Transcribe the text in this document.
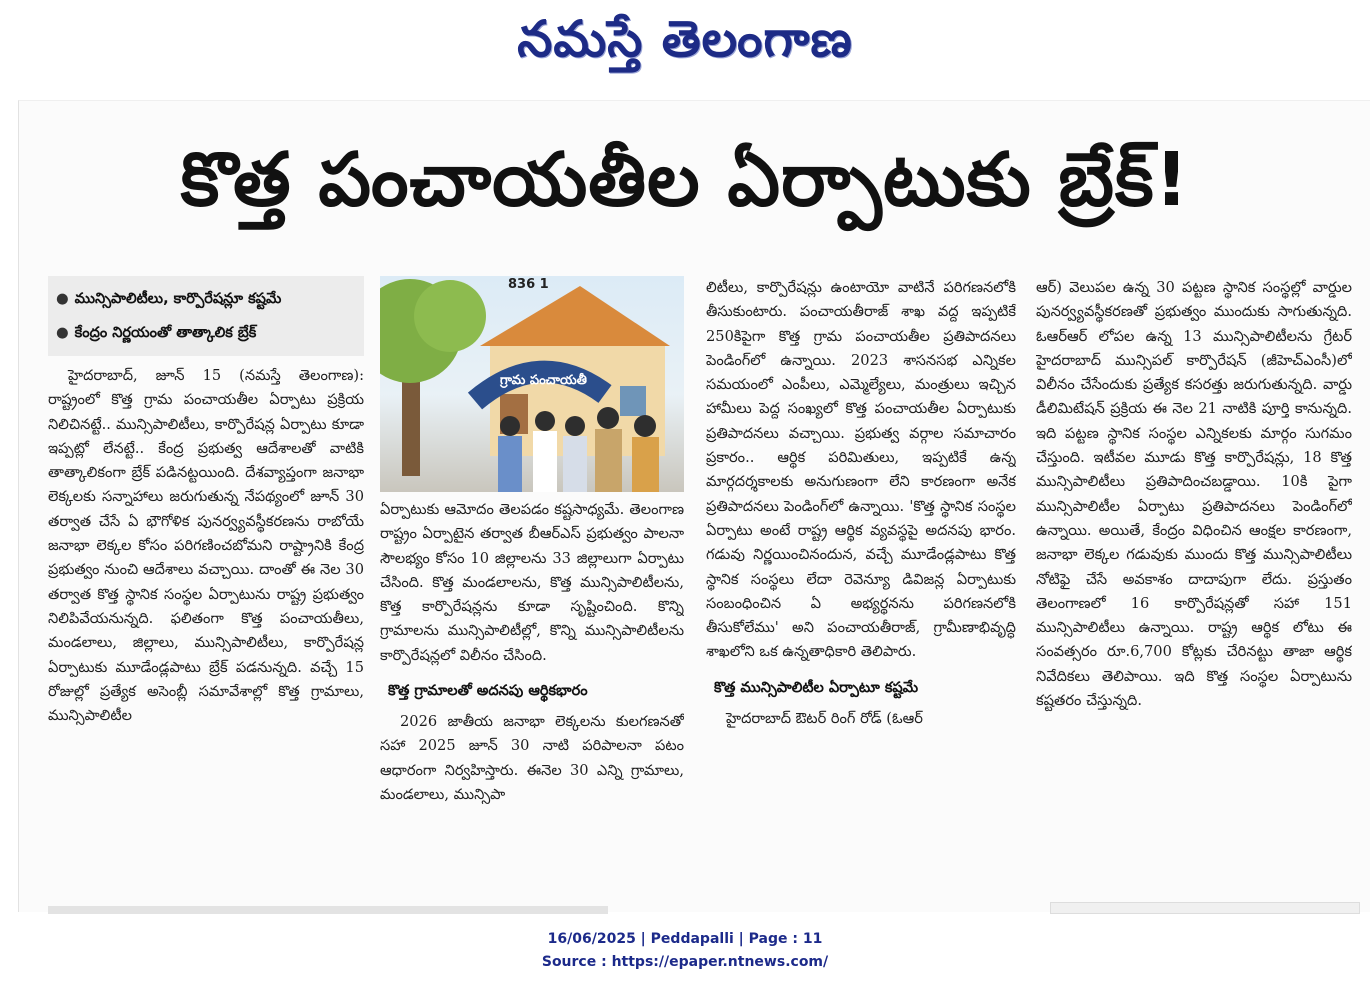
నమస్తే తెలంగాణ
కొత్త పంచాయతీల ఏర్పాటుకు బ్రేక్!
● మున్సిపాలిటీలు, కార్పొరేషన్లూ కష్టమే
● కేంద్రం నిర్ణయంతో తాత్కాలిక బ్రేక్

హైదరాబాద్, జూన్ 15 (నమస్తే తెలంగాణ): రాష్ట్రంలో కొత్త గ్రామ పంచాయతీల ఏర్పాటు ప్రక్రియ నిలిచినట్టే.. మున్సిపాలిటీలు, కార్పొరేషన్ల ఏర్పాటు కూడా ఇప్పట్లో లేనట్టే.. కేంద్ర ప్రభుత్వ ఆదేశాలతో వాటికి తాత్కాలికంగా బ్రేక్ పడినట్టయింది. దేశవ్యాప్తంగా జనాభా లెక్కలకు సన్నాహాలు జరుగుతున్న నేపథ్యంలో జూన్ 30 తర్వాత చేసే ఏ భౌగోళిక పునర్వ్యవస్థీకరణను రాబోయే జనాభా లెక్కల కోసం పరిగణించబోమని రాష్ట్రానికి కేంద్ర ప్రభుత్వం నుంచి ఆదేశాలు వచ్చాయి. దాంతో ఈ నెల 30 తర్వాత కొత్త స్థానిక సంస్థల ఏర్పాటును రాష్ట్ర ప్రభుత్వం నిలిపివేయనున్నది. ఫలితంగా కొత్త పంచాయతీలు, మండలాలు, జిల్లాలు, మున్సిపాలిటీలు, కార్పొరేషన్ల ఏర్పాటుకు మూడేండ్లపాటు బ్రేక్ పడనున్నది. వచ్చే 15 రోజుల్లో ప్రత్యేక అసెంబ్లీ సమావేశాల్లో కొత్త గ్రామాలు, మున్సిపాలిటీల

గ్రామ పంచాయతీ
836 1

ఏర్పాటుకు ఆమోదం తెలపడం కష్టసాధ్యమే. తెలంగాణ రాష్ట్రం ఏర్పాటైన తర్వాత బీఆర్ఎస్ ప్రభుత్వం పాలనా సౌలభ్యం కోసం 10 జిల్లాలను 33 జిల్లాలుగా ఏర్పాటు చేసింది. కొత్త మండలాలను, కొత్త మున్సిపాలిటీలను, కొత్త కార్పొరేషన్లను కూడా సృష్టించింది. కొన్ని గ్రామాలను మున్సిపాలిటీల్లో, కొన్ని మున్సిపాలిటీలను కార్పొరేషన్లలో విలీనం చేసింది.

కొత్త గ్రామాలతో అదనపు ఆర్థికభారం

2026 జాతీయ జనాభా లెక్కలను కులగణనతో సహా 2025 జూన్ 30 నాటి పరిపాలనా పటం ఆధారంగా నిర్వహిస్తారు. ఈనెల 30 ఎన్ని గ్రామాలు, మండలాలు, మున్సిపా

లిటీలు, కార్పొరేషన్లు ఉంటాయో వాటినే పరిగణనలోకి తీసుకుంటారు. పంచాయతీరాజ్ శాఖ వద్ద ఇప్పటికే 250కిపైగా కొత్త గ్రామ పంచాయతీల ప్రతిపాదనలు పెండింగ్‌లో ఉన్నాయి. 2023 శాసనసభ ఎన్నికల సమయంలో ఎంపీలు, ఎమ్మెల్యేలు, మంత్రులు ఇచ్చిన హామీలు పెద్ద సంఖ్యలో కొత్త పంచాయతీల ఏర్పాటుకు ప్రతిపాదనలు వచ్చాయి. ప్రభుత్వ వర్గాల సమాచారం ప్రకారం.. ఆర్థిక పరిమితులు, ఇప్పటికే ఉన్న మార్గదర్శకాలకు అనుగుణంగా లేని కారణంగా అనేక ప్రతిపాదనలు పెండింగ్‌లో ఉన్నాయి. 'కొత్త స్థానిక సంస్థల ఏర్పాటు అంటే రాష్ట్ర ఆర్థిక వ్యవస్థపై అదనపు భారం. గడువు నిర్ణయించినందున, వచ్చే మూడేండ్లపాటు కొత్త స్థానిక సంస్థలు లేదా రెవెన్యూ డివిజన్ల ఏర్పాటుకు సంబంధించిన ఏ అభ్యర్థనను పరిగణనలోకి తీసుకోలేము' అని పంచాయతీరాజ్, గ్రామీణాభివృద్ధి శాఖలోని ఒక ఉన్నతాధికారి తెలిపారు.

కొత్త మున్సిపాలిటీల ఏర్పాటూ కష్టమే

హైదరాబాద్ ఔటర్ రింగ్ రోడ్ (ఓఆర్

ఆర్) వెలుపల ఉన్న 30 పట్టణ స్థానిక సంస్థల్లో వార్డుల పునర్వ్యవస్థీకరణతో ప్రభుత్వం ముందుకు సాగుతున్నది. ఓఆర్ఆర్ లోపల ఉన్న 13 మున్సిపాలిటీలను గ్రేటర్ హైదరాబాద్ మున్సిపల్ కార్పొరేషన్ (జీహెచ్ఎంసీ)లో విలీనం చేసేందుకు ప్రత్యేక కసరత్తు జరుగుతున్నది. వార్డు డీలిమిటేషన్ ప్రక్రియ ఈ నెల 21 నాటికి పూర్తి కానున్నది. ఇది పట్టణ స్థానిక సంస్థల ఎన్నికలకు మార్గం సుగమం చేస్తుంది. ఇటీవల మూడు కొత్త కార్పొరేషన్లు, 18 కొత్త మున్సిపాలిటీలు ప్రతిపాదించబడ్డాయి. 10కి పైగా మున్సిపాలిటీల ఏర్పాటు ప్రతిపాదనలు పెండింగ్‌లో ఉన్నాయి. అయితే, కేంద్రం విధించిన ఆంక్షల కారణంగా, జనాభా లెక్కల గడువుకు ముందు కొత్త మున్సిపాలిటీలు నోటిఫై చేసే అవకాశం దాదాపుగా లేదు. ప్రస్తుతం తెలంగాణలో 16 కార్పొరేషన్లతో సహా 151 మున్సిపాలిటీలు ఉన్నాయి. రాష్ట్ర ఆర్థిక లోటు ఈ సంవత్సరం రూ.6,700 కోట్లకు చేరినట్టు తాజా ఆర్థిక నివేదికలు తెలిపాయి. ఇది కొత్త సంస్థల ఏర్పాటును కష్టతరం చేస్తున్నది.

16/06/2025 | Peddapalli | Page : 11
Source : https://epaper.ntnews.com/
